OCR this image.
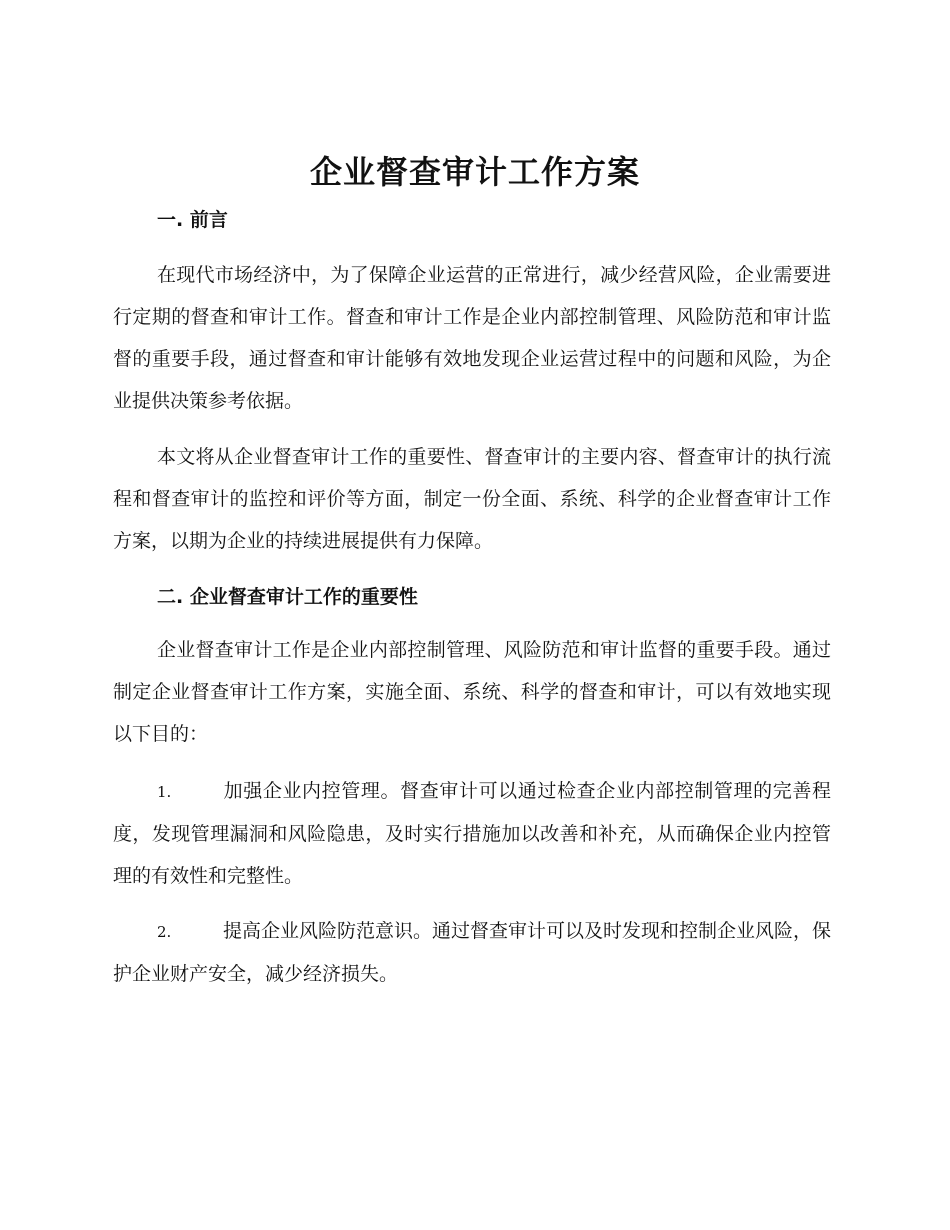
企业督查审计工作方案
一. 前言
在现代市场经济中，为了保障企业运营的正常进行，减少经营风险，企业需要进行定期的督查和审计工作。督查和审计工作是企业内部控制管理、风险防范和审计监督的重要手段，通过督查和审计能够有效地发现企业运营过程中的问题和风险，为企业提供决策参考依据。
本文将从企业督查审计工作的重要性、督查审计的主要内容、督查审计的执行流程和督查审计的监控和评价等方面，制定一份全面、系统、科学的企业督查审计工作方案，以期为企业的持续进展提供有力保障。
二. 企业督查审计工作的重要性
企业督查审计工作是企业内部控制管理、风险防范和审计监督的重要手段。通过制定企业督查审计工作方案，实施全面、系统、科学的督查和审计，可以有效地实现以下目的：
1.	加强企业内控管理。督查审计可以通过检查企业内部控制管理的完善程度，发现管理漏洞和风险隐患，及时实行措施加以改善和补充，从而确保企业内控管理的有效性和完整性。
2.	提高企业风险防范意识。通过督查审计可以及时发现和控制企业风险，保护企业财产安全，减少经济损失。
